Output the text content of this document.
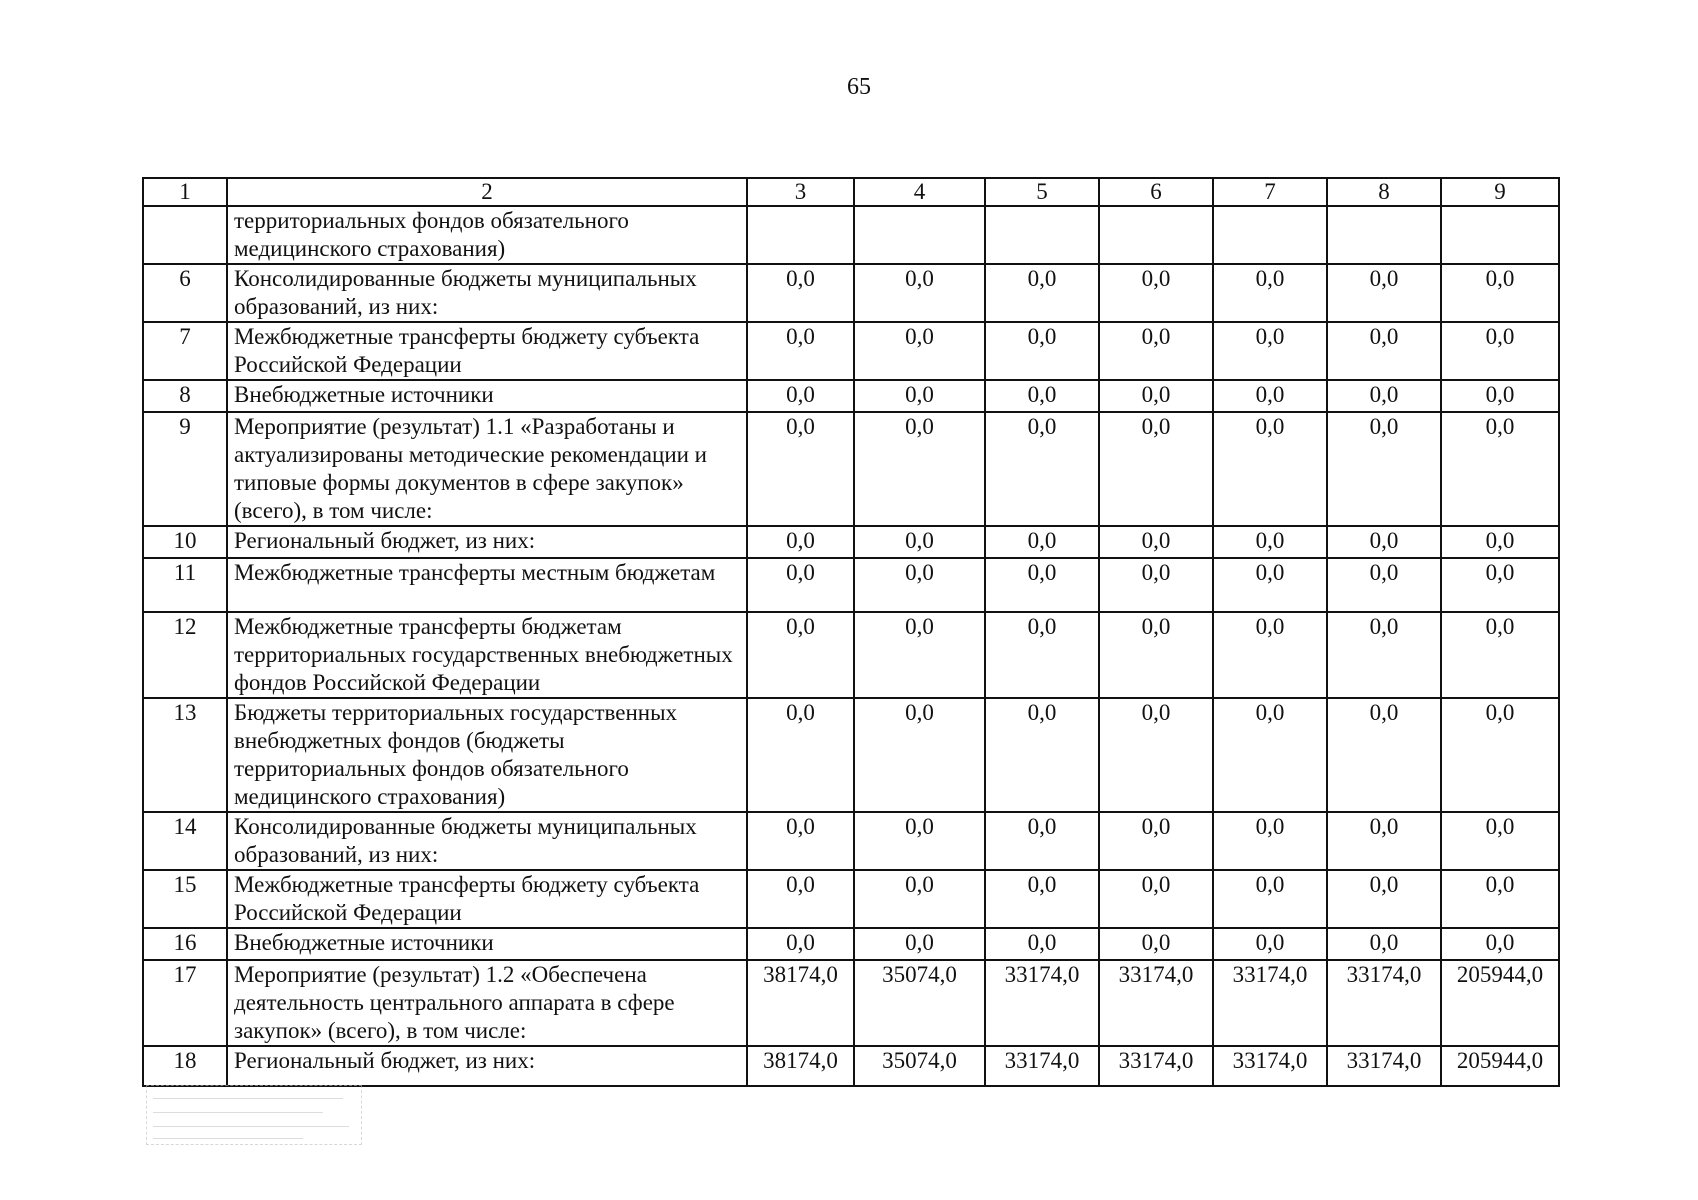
65
1	2	3	4	5	6	7	8	9
	территориальных фондов обязательного медицинского страхования)							
6	Консолидированные бюджеты муниципальных образований, из них:	0,0	0,0	0,0	0,0	0,0	0,0	0,0
7	Межбюджетные трансферты бюджету субъекта Российской Федерации	0,0	0,0	0,0	0,0	0,0	0,0	0,0
8	Внебюджетные источники	0,0	0,0	0,0	0,0	0,0	0,0	0,0
9	Мероприятие (результат) 1.1 «Разработаны и актуализированы методические рекомендации и типовые формы документов в сфере закупок» (всего), в том числе:	0,0	0,0	0,0	0,0	0,0	0,0	0,0
10	Региональный бюджет, из них:	0,0	0,0	0,0	0,0	0,0	0,0	0,0
11	Межбюджетные трансферты местным бюджетам	0,0	0,0	0,0	0,0	0,0	0,0	0,0
12	Межбюджетные трансферты бюджетам территориальных государственных внебюджетных фондов Российской Федерации	0,0	0,0	0,0	0,0	0,0	0,0	0,0
13	Бюджеты территориальных государственных внебюджетных фондов (бюджеты территориальных фондов обязательного медицинского страхования)	0,0	0,0	0,0	0,0	0,0	0,0	0,0
14	Консолидированные бюджеты муниципальных образований, из них:	0,0	0,0	0,0	0,0	0,0	0,0	0,0
15	Межбюджетные трансферты бюджету субъекта Российской Федерации	0,0	0,0	0,0	0,0	0,0	0,0	0,0
16	Внебюджетные источники	0,0	0,0	0,0	0,0	0,0	0,0	0,0
17	Мероприятие (результат) 1.2 «Обеспечена деятельность центрального аппарата в сфере закупок» (всего), в том числе:	38174,0	35074,0	33174,0	33174,0	33174,0	33174,0	205944,0
18	Региональный бюджет, из них:	38174,0	35074,0	33174,0	33174,0	33174,0	33174,0	205944,0
